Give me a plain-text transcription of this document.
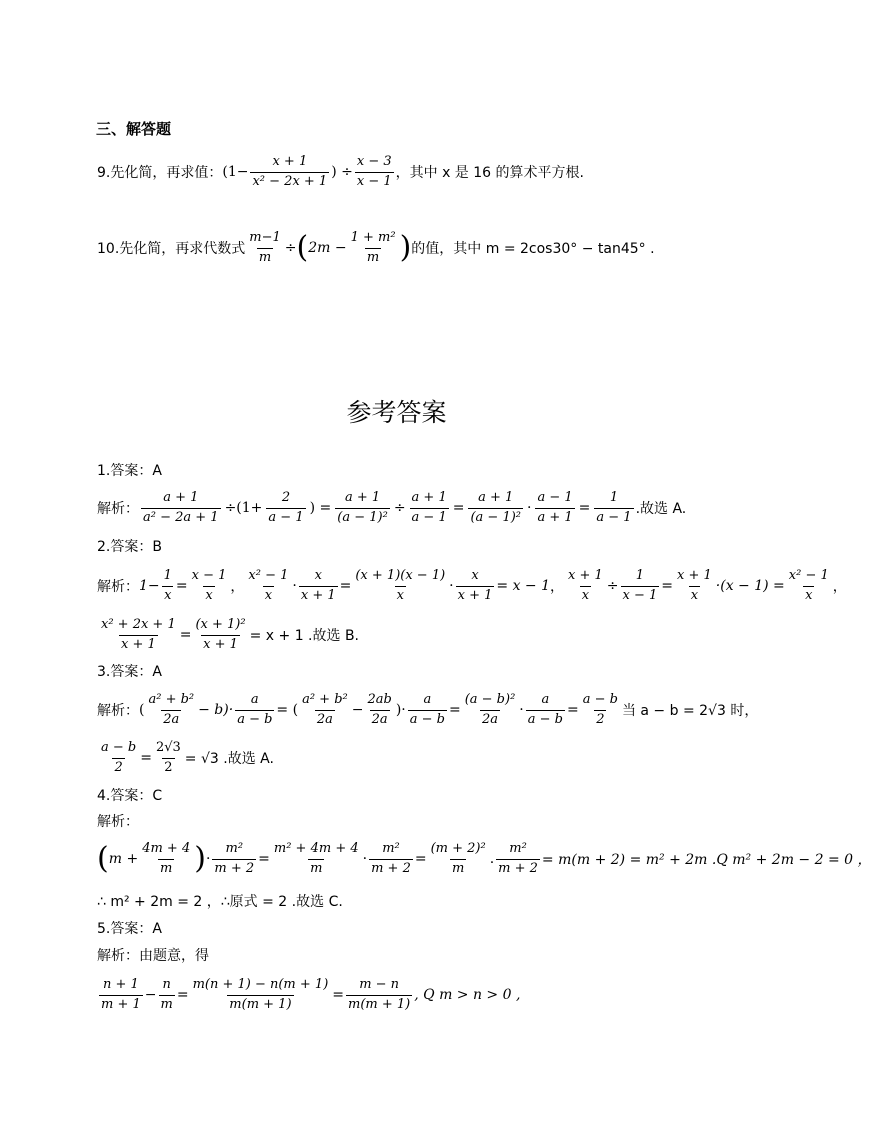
三、解答题
9.先化简，再求值： ($1- \frac{x + 1}{\text{x² − 2x + 1}}$ ) ÷ $\frac{x - 3}{x - 1}$ ，其中 x 是 16 的算术平方根.
10.先化简，再求代数式 $\frac{m-1}{m}$ ÷ ( $2m - \frac{\text{1 + m²}}{m}$ ) 的值，其中 m = 2cos30° − tan45° .
参考答案
1.答案：A
解析： $\frac{a + 1}{\text{a² − 2a + 1}} \div(1+ \frac{2}{a - 1}$ ) = $\frac{a + 1}{\text{(a − 1)²}} \div \frac{a + 1}{a - 1} = \frac{a + 1}{\text{(a − 1)²}} \cdot \frac{a - 1}{a + 1} = \frac{1}{a - 1}$ .故选 A.
2.答案：B
解析： $1- \frac{1}{x} = \frac{x - 1}{x}$ ， $\frac{\text{x² − 1}}{x} \cdot \frac{x}{x + 1} = \frac{(x + 1)(x - 1)}{x} \cdot \frac{x}{x + 1} = x - 1$ ， $\frac{x + 1}{x} \div \frac{1}{x - 1} = \frac{x + 1}{x} \cdot(x - 1) = \frac{\text{x² − 1}}{x}$ ，
$\frac{\text{x² + 2x + 1}}{x + 1} = \frac{\text{(x + 1)²}}{x + 1} = x + 1$ .故选 B.
3.答案：A
解析： ( $\frac{\text{a² + b²}}{2a} - b)\cdot \frac{a}{a - b}$ = ( $\frac{\text{a² + b²}}{2a} - \frac{2ab}{2a}$ )· $\frac{a}{a - b} = \frac{\text{(a − b)²}}{2a} \cdot \frac{a}{a - b} = \frac{a - b}{2}$ 当 a − b = 2√3 时，
$\frac{a - b}{2} = \frac{2√3}{2} = √3$ .故选 A.
4.答案：C
解析：
( $m + \frac{4m + 4}{m}$ ) · $\frac{\text{m²}}{m + 2} = \frac{\text{m² + 4m + 4}}{m} \cdot \frac{\text{m²}}{m + 2} = \frac{\text{(m + 2)²}}{m}$ . $\frac{\text{m²}}{m + 2} = m(m + 2) = m^2 + 2m$ .Q m² + 2m − 2 = 0 ，
∴ m² + 2m = 2 ，∴原式 = 2 .故选 C.
5.答案：A
解析：由题意，得
$\frac{n + 1}{m + 1} - \frac{n}{m} = \frac{m(n + 1) - n(m + 1)}{m(m + 1)} = \frac{m - n}{m(m + 1)}$ , Q m > n > 0 ,
